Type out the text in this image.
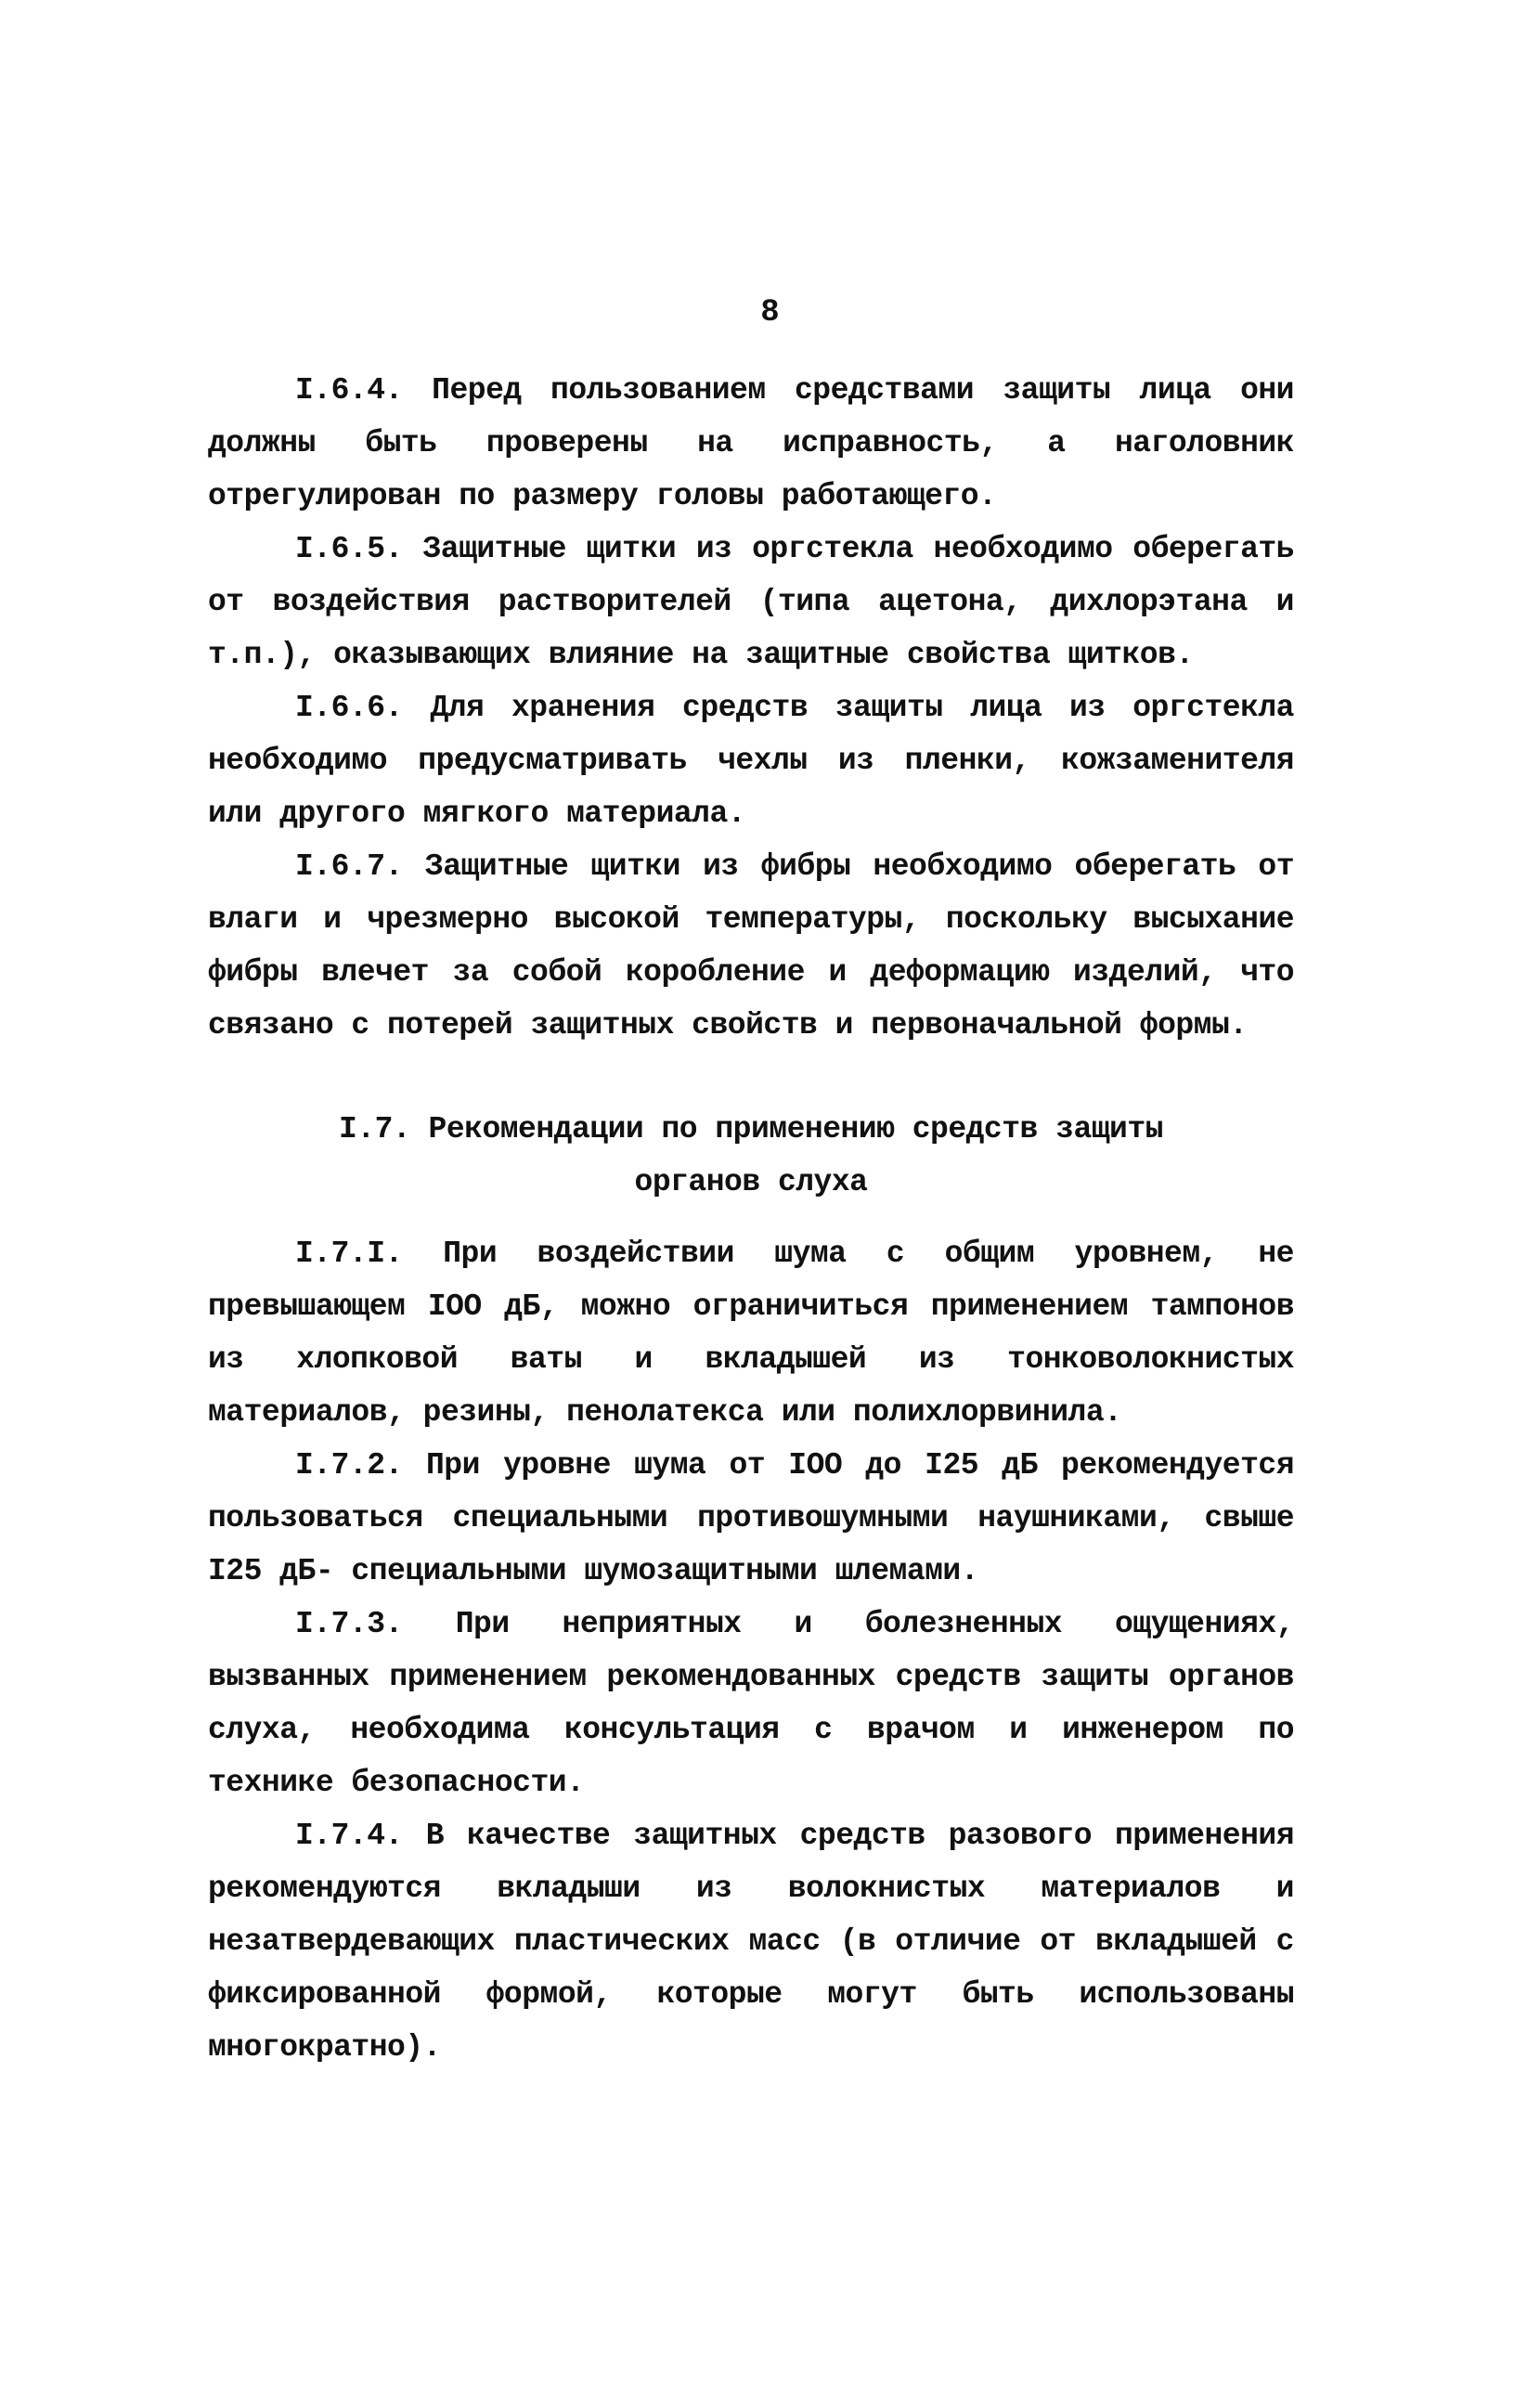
8

I.6.4. Перед пользованием средствами защиты лица они должны быть проверены на исправность, а наголовник отрегулирован по размеру головы работающего.

I.6.5. Защитные щитки из оргстекла необходимо оберегать от воздействия растворителей (типа ацетона, дихлорэтана и т.п.), оказывающих влияние на защитные свойства щитков.

I.6.6. Для хранения средств защиты лица из оргстекла необходимо предусматривать чехлы из пленки, кожзаменителя или другого мягкого материала.

I.6.7. Защитные щитки из фибры необходимо оберегать от влаги и чрезмерно высокой температуры, поскольку высыхание фибры влечет за собой коробление и деформацию изделий, что связано с потерей защитных свойств и первоначальной формы.

I.7. Рекомендации по применению средств защиты
органов слуха

I.7.I. При воздействии шума с общим уровнем, не превышающем IОО дБ, можно ограничиться применением тампонов из хлопковой ваты и вкладышей из тонковолокнистых материалов, резины, пенолатекса или полихлорвинила.

I.7.2. При уровне шума от IОО до I25 дБ рекомендуется пользоваться специальными противошумными наушниками, свыше I25 дБ- специальными шумозащитными шлемами.

I.7.3. При неприятных и болезненных ощущениях, вызванных применением рекомендованных средств защиты органов слуха, необходима консультация с врачом и инженером по технике безопасности.

I.7.4. В качестве защитных средств разового применения рекомендуются вкладыши из волокнистых материалов и незатвердевающих пластических масс (в отличие от вкладышей с фиксированной формой, которые могут быть использованы многократно).
